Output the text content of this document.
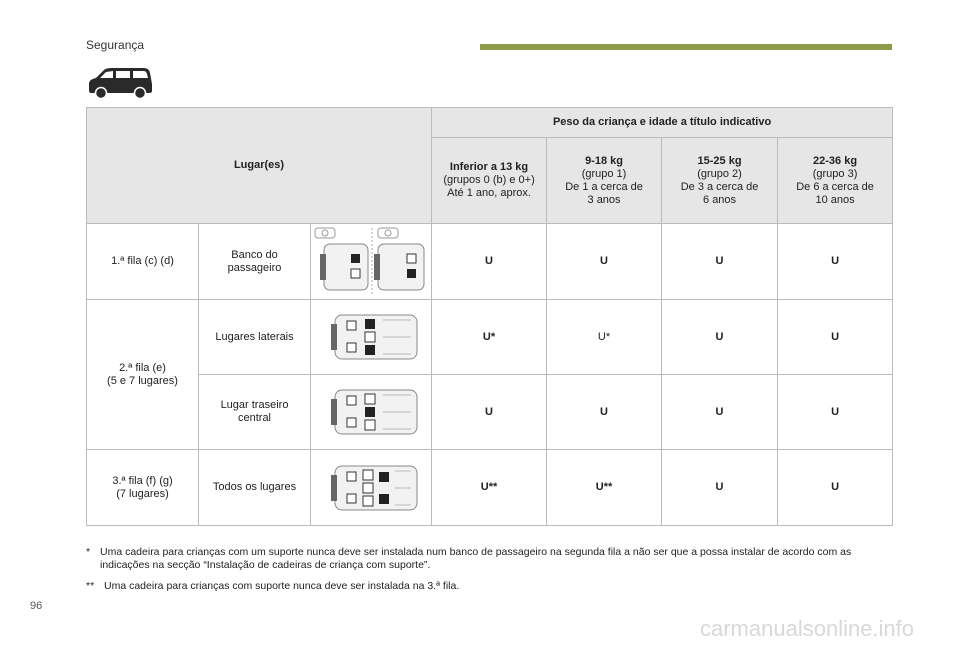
Segurança
Lugar(es)			Peso da criança e idade a título indicativo			

			Inferior a 13 kg
(grupos 0 (b) e 0+)
Até 1 ano, aprox.	9-18 kg
(grupo 1)
De 1 a cerca de
3 anos	15-25 kg
(grupo 2)
De 3 a cerca de
6 anos	22-36 kg
(grupo 3)
De 6 a cerca de
10 anos

1.ª fila (c) (d)	Banco do
passageiro		U	U	U	U
2.ª fila (e)
(5 e 7 lugares)	Lugares laterais		U*	U*	U	U
	Lugar traseiro
central		U	U	U	U
3.ª fila (f) (g)
(7 lugares)	Todos os lugares		U**	U**	U	U
* Uma cadeira para crianças com um suporte nunca deve ser instalada num banco de passageiro na segunda fila a não ser que a possa instalar de acordo com as indicações na secção “Instalação de cadeiras de criança com suporte”.
** Uma cadeira para crianças com suporte nunca deve ser instalada na 3.ª fila.
96
carmanualsonline.info
